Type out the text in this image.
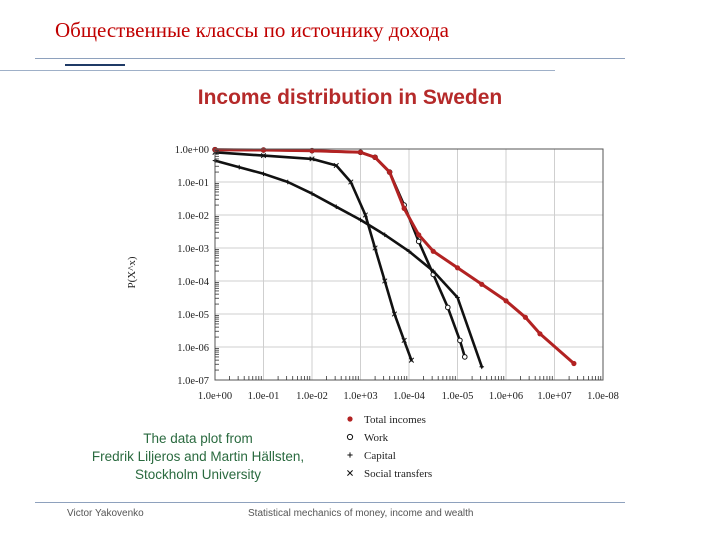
Общественные классы по источнику дохода
Income distribution in Sweden
1.0e+00 1.0e-01 1.0e-02 1.0e+03 1.0e-04 1.0e-05 1.0e+06 1.0e+07 1.0e-08
1.0e+00
1.0e-01
1.0e-02
1.0e-03
1.0e-04
1.0e-05
1.0e-06
1.0e-07
P(X^x)
Total incomes
Work
Capital
Social transfers
The data plot from
Fredrik Liljeros and Martin Hällsten,
Stockholm University
Victor Yakovenko	Statistical mechanics of money, income and wealth
